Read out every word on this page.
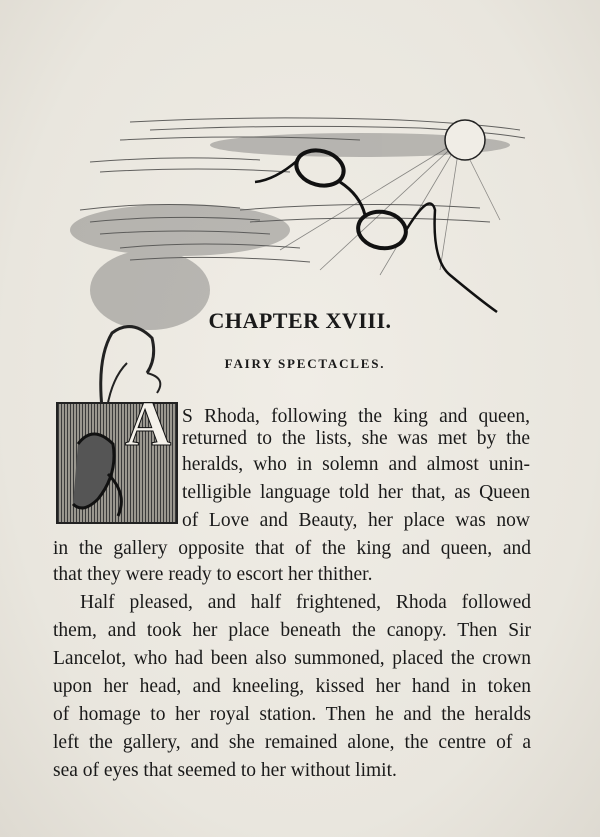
CHAPTER XVIII.
FAIRY SPECTACLES.
A S Rhoda, following the king and queen,

returned to the lists, she was met by the

heralds, who in solemn and almost unin-

telligible language told her that, as Queen

of Love and Beauty, her place was now

in the gallery opposite that of the king and queen, and

that they were ready to escort her thither.

Half pleased, and half frightened, Rhoda followed

them, and took her place beneath the canopy. Then Sir

Lancelot, who had been also summoned, placed the crown

upon her head, and kneeling, kissed her hand in token

of homage to her royal station. Then he and the heralds

left the gallery, and she remained alone, the centre of a

sea of eyes that seemed to her without limit.
